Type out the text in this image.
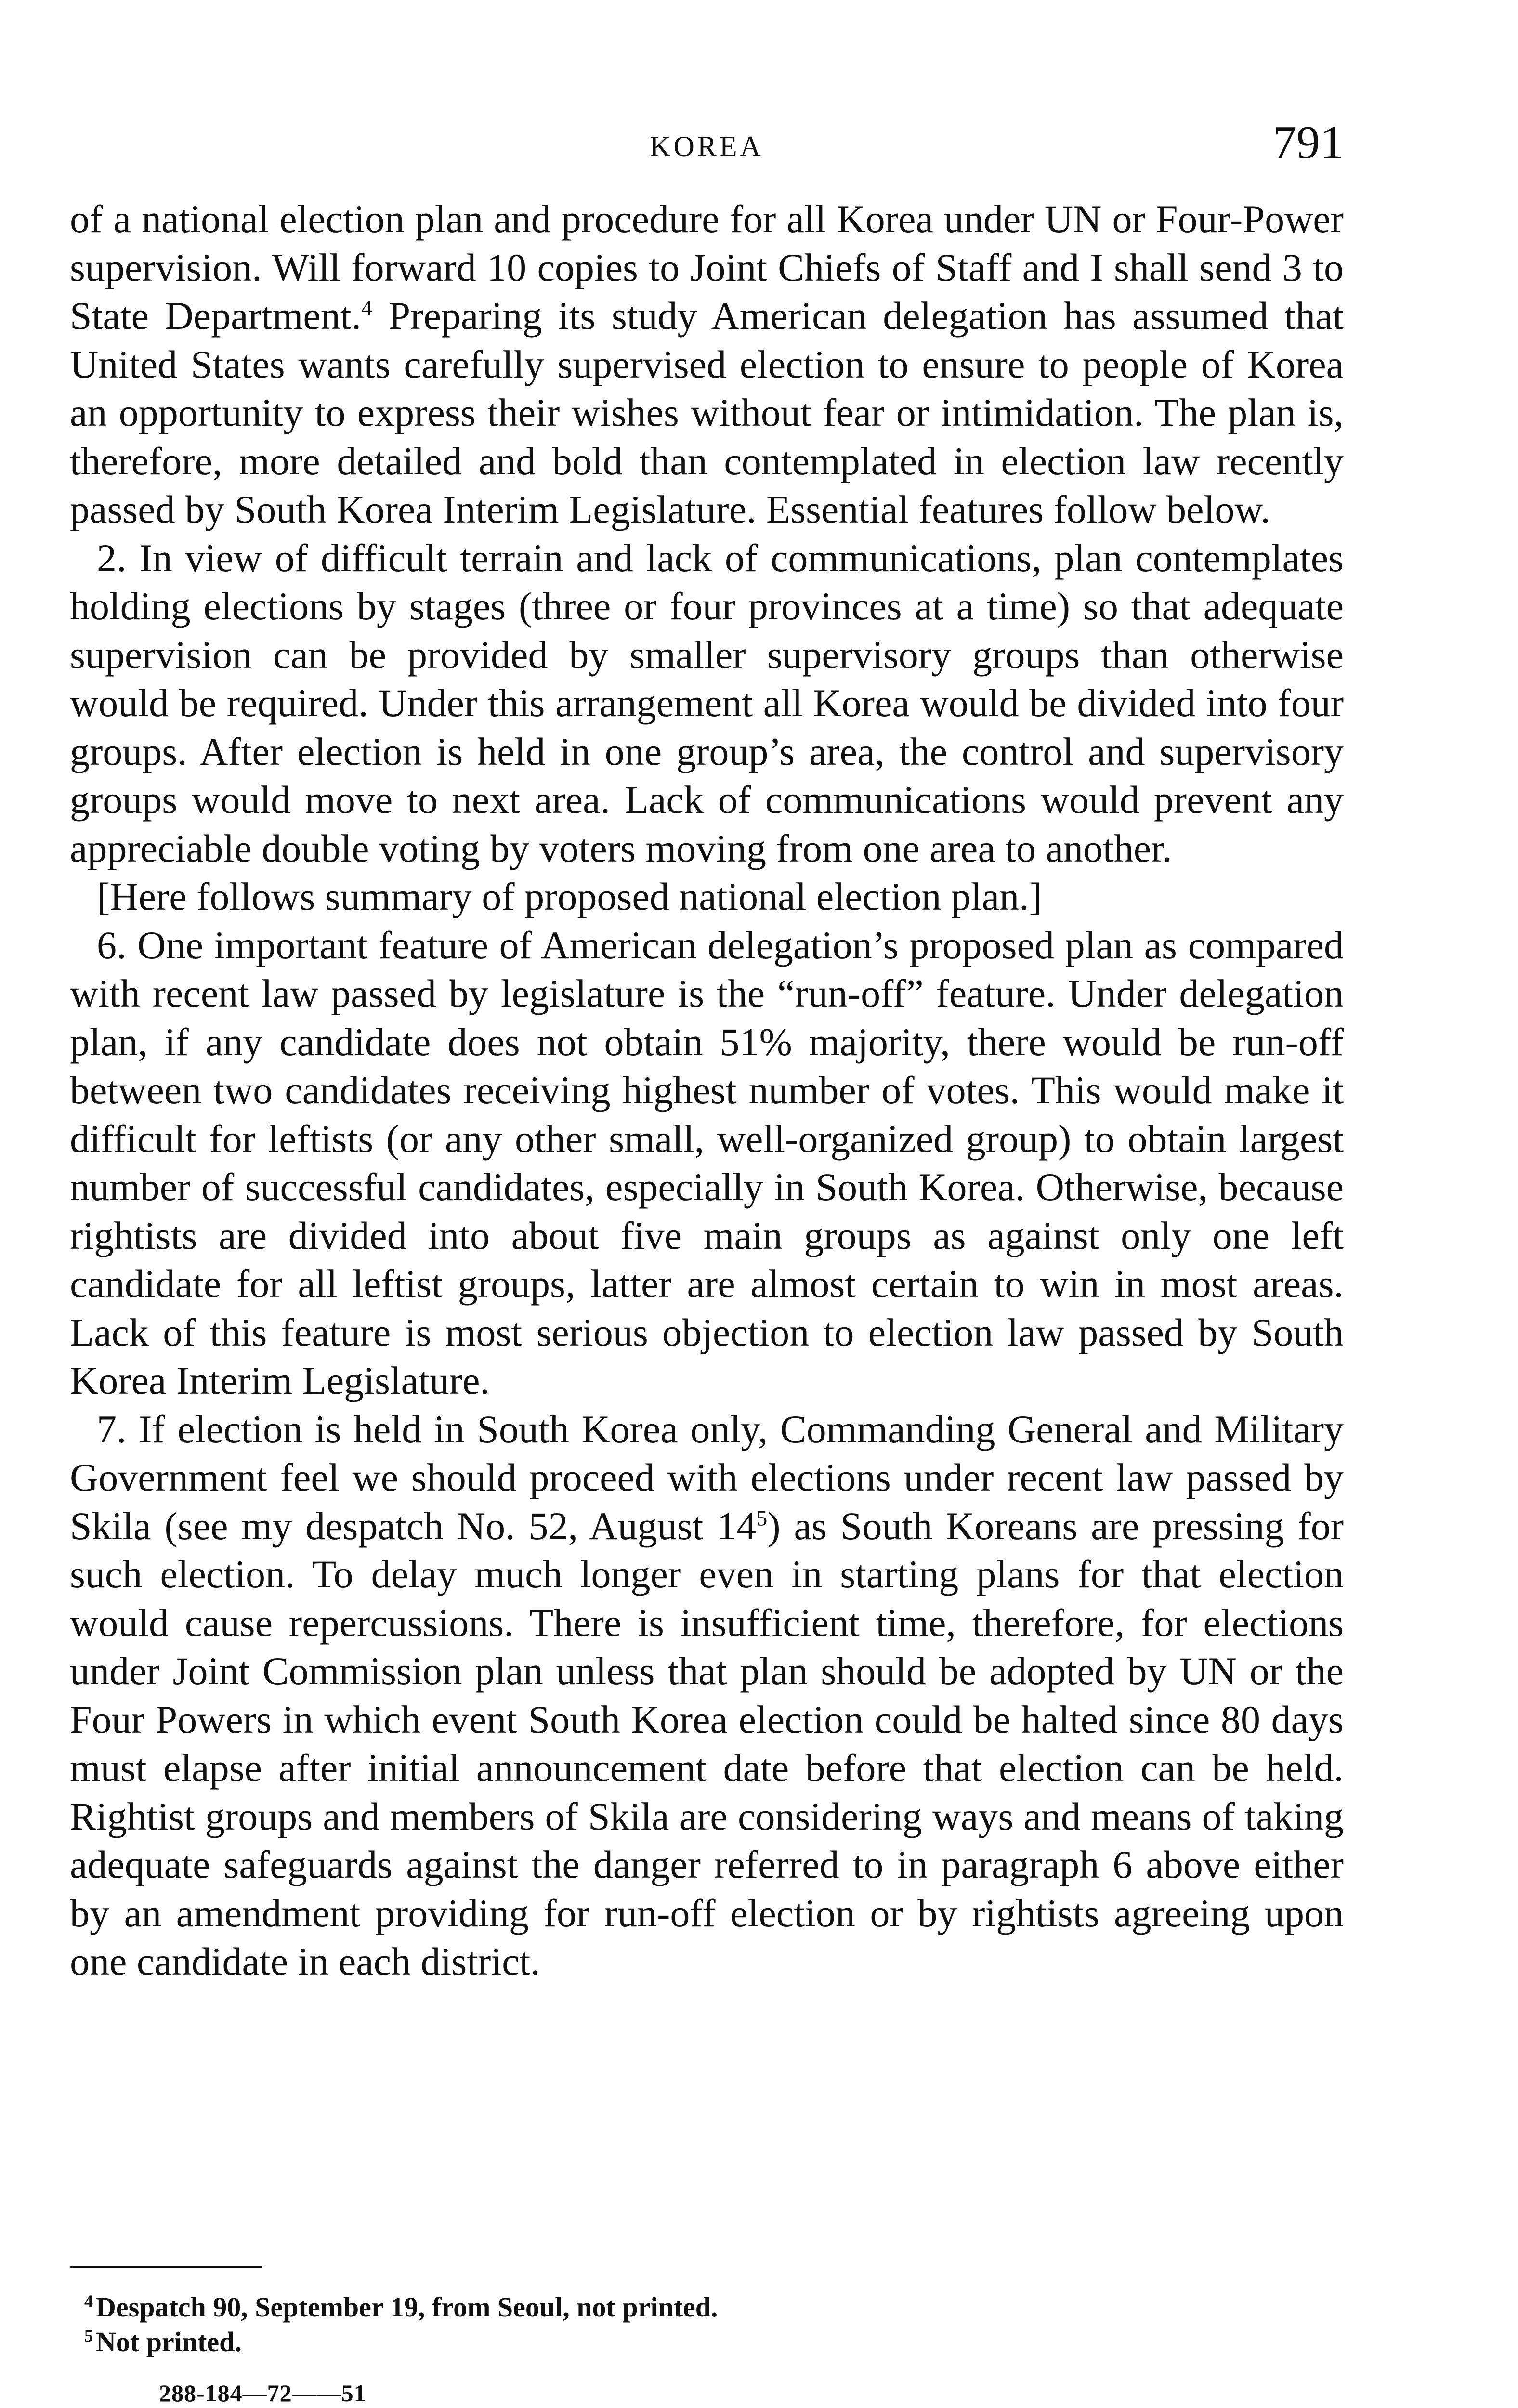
KOREA	791

of a national election plan and procedure for all Korea under UN or Four-Power supervision. Will forward 10 copies to Joint Chiefs of Staff and I shall send 3 to State Department.$^4$ Preparing its study American delegation has assumed that United States wants carefully supervised election to ensure to people of Korea an opportunity to express their wishes without fear or intimidation. The plan is, therefore, more detailed and bold than contemplated in election law recently passed by South Korea Interim Legislature. Essential features follow below.

2. In view of difficult terrain and lack of communications, plan contemplates holding elections by stages (three or four provinces at a time) so that adequate supervision can be provided by smaller supervisory groups than otherwise would be required. Under this arrangement all Korea would be divided into four groups. After election is held in one group’s area, the control and supervisory groups would move to next area. Lack of communications would prevent any appreciable double voting by voters moving from one area to another.

[Here follows summary of proposed national election plan.]

6. One important feature of American delegation’s proposed plan as compared with recent law passed by legislature is the “run-off” feature. Under delegation plan, if any candidate does not obtain 51% majority, there would be run-off between two candidates receiving highest number of votes. This would make it difficult for leftists (or any other small, well-organized group) to obtain largest number of successful candidates, especially in South Korea. Otherwise, because rightists are divided into about five main groups as against only one left candidate for all leftist groups, latter are almost certain to win in most areas. Lack of this feature is most serious objection to election law passed by South Korea Interim Legislature.

7. If election is held in South Korea only, Commanding General and Military Government feel we should proceed with elections under recent law passed by Skila (see my despatch No. 52, August $14^5$) as South Koreans are pressing for such election. To delay much longer even in starting plans for that election would cause repercussions. There is insufficient time, therefore, for elections under Joint Commission plan unless that plan should be adopted by UN or the Four Powers in which event South Korea election could be halted since 80 days must elapse after initial announcement date before that election can be held. Rightist groups and members of Skila are considering ways and means of taking adequate safeguards against the danger referred to in paragraph 6 above either by an amendment providing for run-off election or by rightists agreeing upon one candidate in each district.

$^4$ Despatch 90, September 19, from Seoul, not printed.
$^5$ Not printed.
288-184—72——51
